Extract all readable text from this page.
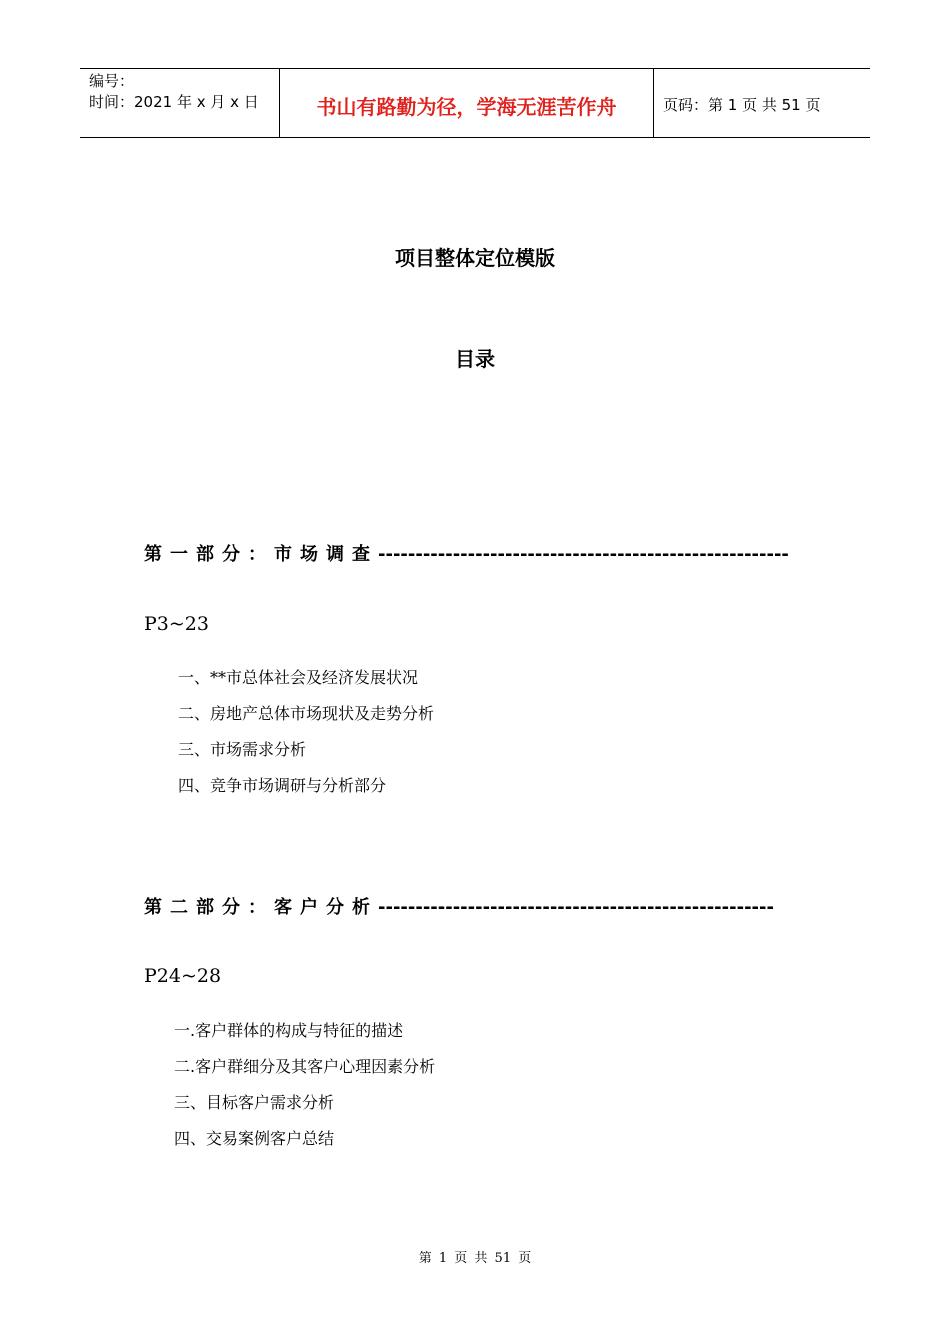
编号：
时间：2021 年 x 月 x 日	书山有路勤为径，学海无涯苦作舟	页码：第 1 页 共 51 页
项目整体定位模版
目录
第一部分：市场调查-------------------------------------------------------
P3~23
一、**市总体社会及经济发展状况
二、房地产总体市场现状及走势分析
三、市场需求分析
四、竞争市场调研与分析部分
第二部分：客户分析-----------------------------------------------------
P24~28
一.客户群体的构成与特征的描述
二.客户群细分及其客户心理因素分析
三、目标客户需求分析
四、交易案例客户总结
第 1 页 共 51 页
